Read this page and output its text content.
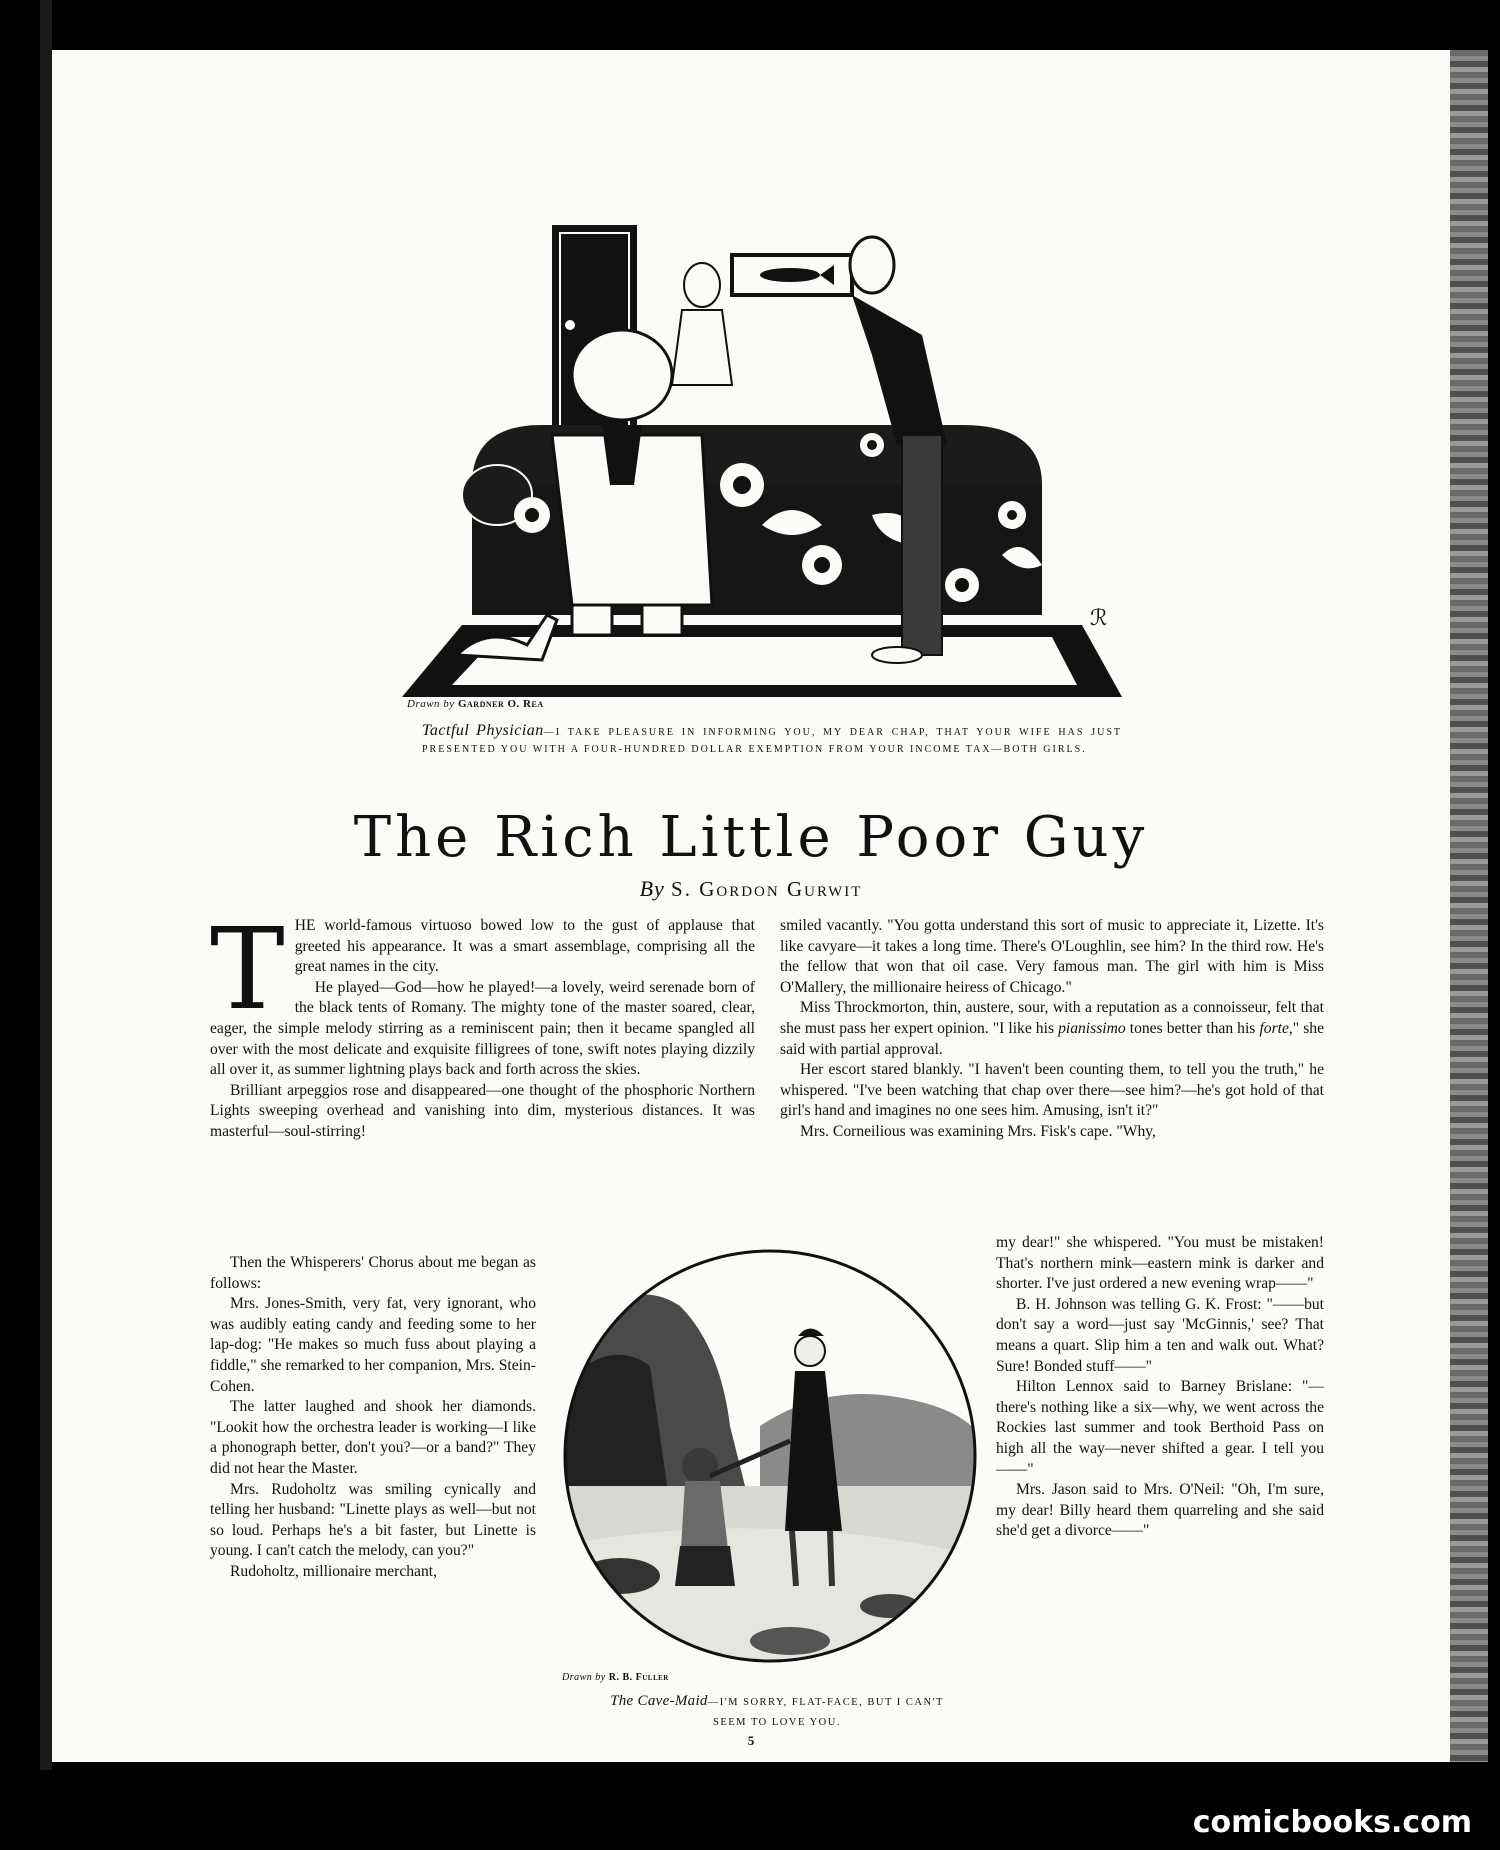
ℛ
Drawn by Gardner O. Rea
Tactful Physician—I TAKE PLEASURE IN INFORMING YOU, MY DEAR CHAP, THAT YOUR WIFE HAS JUST PRESENTED YOU WITH A FOUR-HUNDRED DOLLAR EXEMPTION FROM YOUR INCOME TAX—BOTH GIRLS.
The Rich Little Poor Guy
By S. Gordon Gurwit

THE world-famous virtuoso bowed low to the gust of applause that greeted his appearance. It was a smart assemblage, comprising all the great names in the city.

He played—God—how he played!—a lovely, weird serenade born of the black tents of Romany. The mighty tone of the master soared, clear, eager, the simple melody stirring as a reminiscent pain; then it became spangled all over with the most delicate and exquisite filligrees of tone, swift notes playing dizzily all over it, as summer lightning plays back and forth across the skies.

Brilliant arpeggios rose and disappeared—one thought of the phosphoric Northern Lights sweeping overhead and vanishing into dim, mysterious distances. It was masterful—soul-stirring!

Then the Whisperers' Chorus about me began as follows:

Mrs. Jones-Smith, very fat, very ignorant, who was audibly eating candy and feeding some to her lap-dog: "He makes so much fuss about playing a fiddle," she remarked to her companion, Mrs. Stein-Cohen.

The latter laughed and shook her diamonds. "Lookit how the orchestra leader is working—I like a phonograph better, don't you?—or a band?" They did not hear the Master.

Mrs. Rudoholtz was smiling cynically and telling her husband: "Linette plays as well—but not so loud. Perhaps he's a bit faster, but Linette is young. I can't catch the melody, can you?"

Rudoholtz, millionaire merchant,

smiled vacantly. "You gotta understand this sort of music to appreciate it, Lizette. It's like cavyare—it takes a long time. There's O'Loughlin, see him? In the third row. He's the fellow that won that oil case. Very famous man. The girl with him is Miss O'Mallery, the millionaire heiress of Chicago."

Miss Throckmorton, thin, austere, sour, with a reputation as a connoisseur, felt that she must pass her expert opinion. "I like his pianissimo tones better than his forte," she said with partial approval.

Her escort stared blankly. "I haven't been counting them, to tell you the truth," he whispered. "I've been watching that chap over there—see him?—he's got hold of that girl's hand and imagines no one sees him. Amusing, isn't it?"

Mrs. Corneilious was examining Mrs. Fisk's cape. "Why,

my dear!" she whispered. "You must be mistaken! That's northern mink—eastern mink is darker and shorter. I've just ordered a new evening wrap——"

B. H. Johnson was telling G. K. Frost: "——but don't say a word—just say 'McGinnis,' see? That means a quart. Slip him a ten and walk out. What? Sure! Bonded stuff——"

Hilton Lennox said to Barney Brislane: "—there's nothing like a six—why, we went across the Rockies last summer and took Berthoid Pass on high all the way—never shifted a gear. I tell you——"

Mrs. Jason said to Mrs. O'Neil: "Oh, I'm sure, my dear! Billy heard them quarreling and she said she'd get a divorce——"

Drawn by R. B. Fuller
The Cave-Maid—I'M SORRY, FLAT-FACE, BUT I CAN'T SEEM TO LOVE YOU.
5
comicbooks.com
